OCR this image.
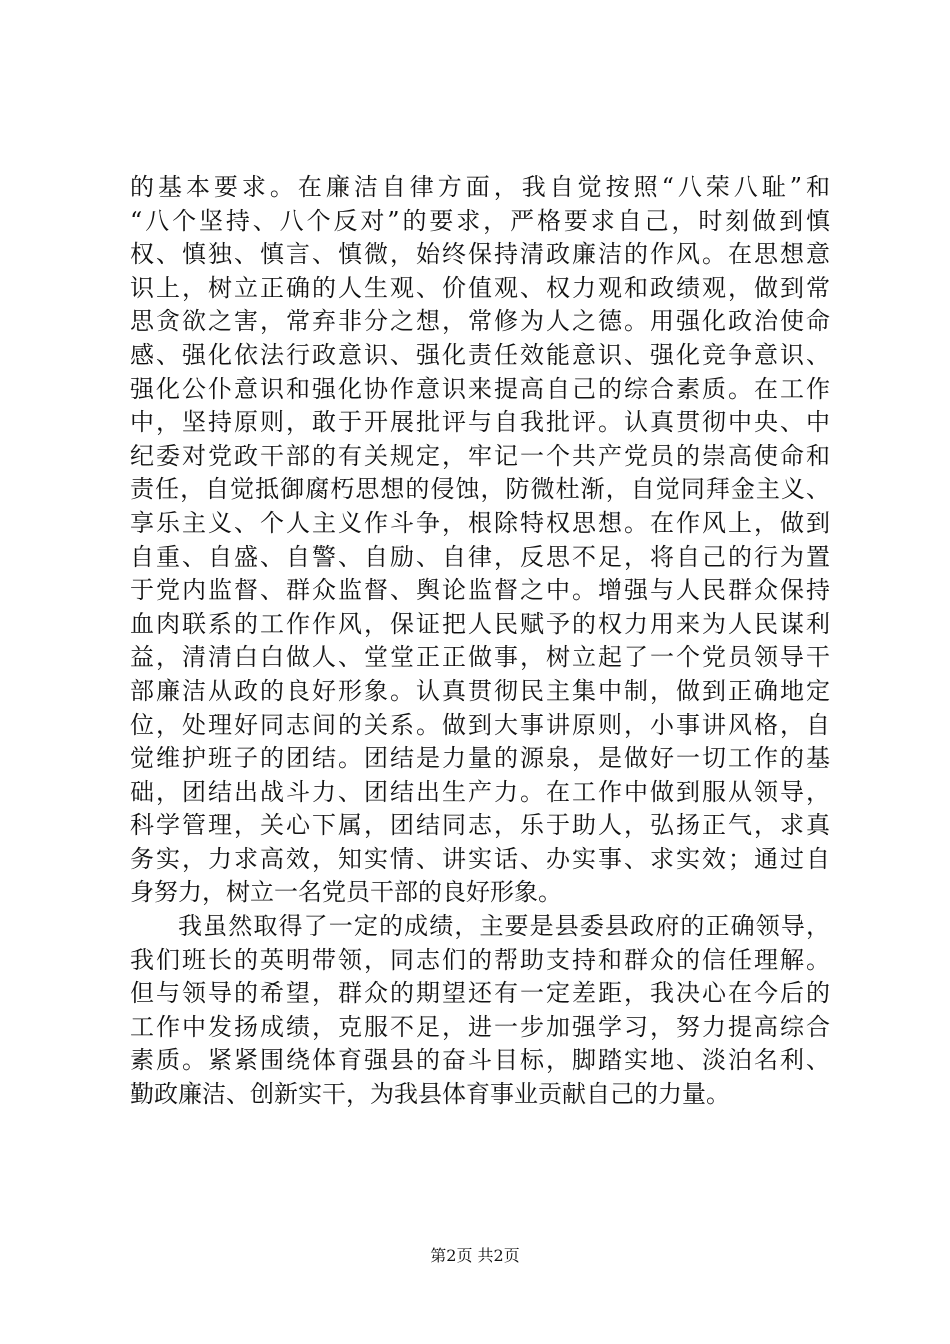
的基本要求。在廉洁自律方面，我自觉按照“八荣八耻”和
“八个坚持、八个反对”的要求，严格要求自己，时刻做到慎
权、慎独、慎言、慎微，始终保持清政廉洁的作风。在思想意
识上，树立正确的人生观、价值观、权力观和政绩观，做到常
思贪欲之害，常弃非分之想，常修为人之德。用强化政治使命
感、强化依法行政意识、强化责任效能意识、强化竞争意识、
强化公仆意识和强化协作意识来提高自己的综合素质。在工作
中，坚持原则，敢于开展批评与自我批评。认真贯彻中央、中
纪委对党政干部的有关规定，牢记一个共产党员的崇高使命和
责任，自觉抵御腐朽思想的侵蚀，防微杜渐，自觉同拜金主义、
享乐主义、个人主义作斗争，根除特权思想。在作风上，做到
自重、自盛、自警、自励、自律，反思不足，将自己的行为置
于党内监督、群众监督、舆论监督之中。增强与人民群众保持
血肉联系的工作作风，保证把人民赋予的权力用来为人民谋利
益，清清白白做人、堂堂正正做事，树立起了一个党员领导干
部廉洁从政的良好形象。认真贯彻民主集中制，做到正确地定
位，处理好同志间的关系。做到大事讲原则，小事讲风格，自
觉维护班子的团结。团结是力量的源泉，是做好一切工作的基
础，团结出战斗力、团结出生产力。在工作中做到服从领导，
科学管理，关心下属，团结同志，乐于助人，弘扬正气，求真
务实，力求高效，知实情、讲实话、办实事、求实效；通过自
身努力，树立一名党员干部的良好形象。
我虽然取得了一定的成绩，主要是县委县政府的正确领导，
我们班长的英明带领，同志们的帮助支持和群众的信任理解。
但与领导的希望，群众的期望还有一定差距，我决心在今后的
工作中发扬成绩，克服不足，进一步加强学习，努力提高综合
素质。紧紧围绕体育强县的奋斗目标，脚踏实地、淡泊名利、
勤政廉洁、创新实干，为我县体育事业贡献自己的力量。
第2页 共2页
